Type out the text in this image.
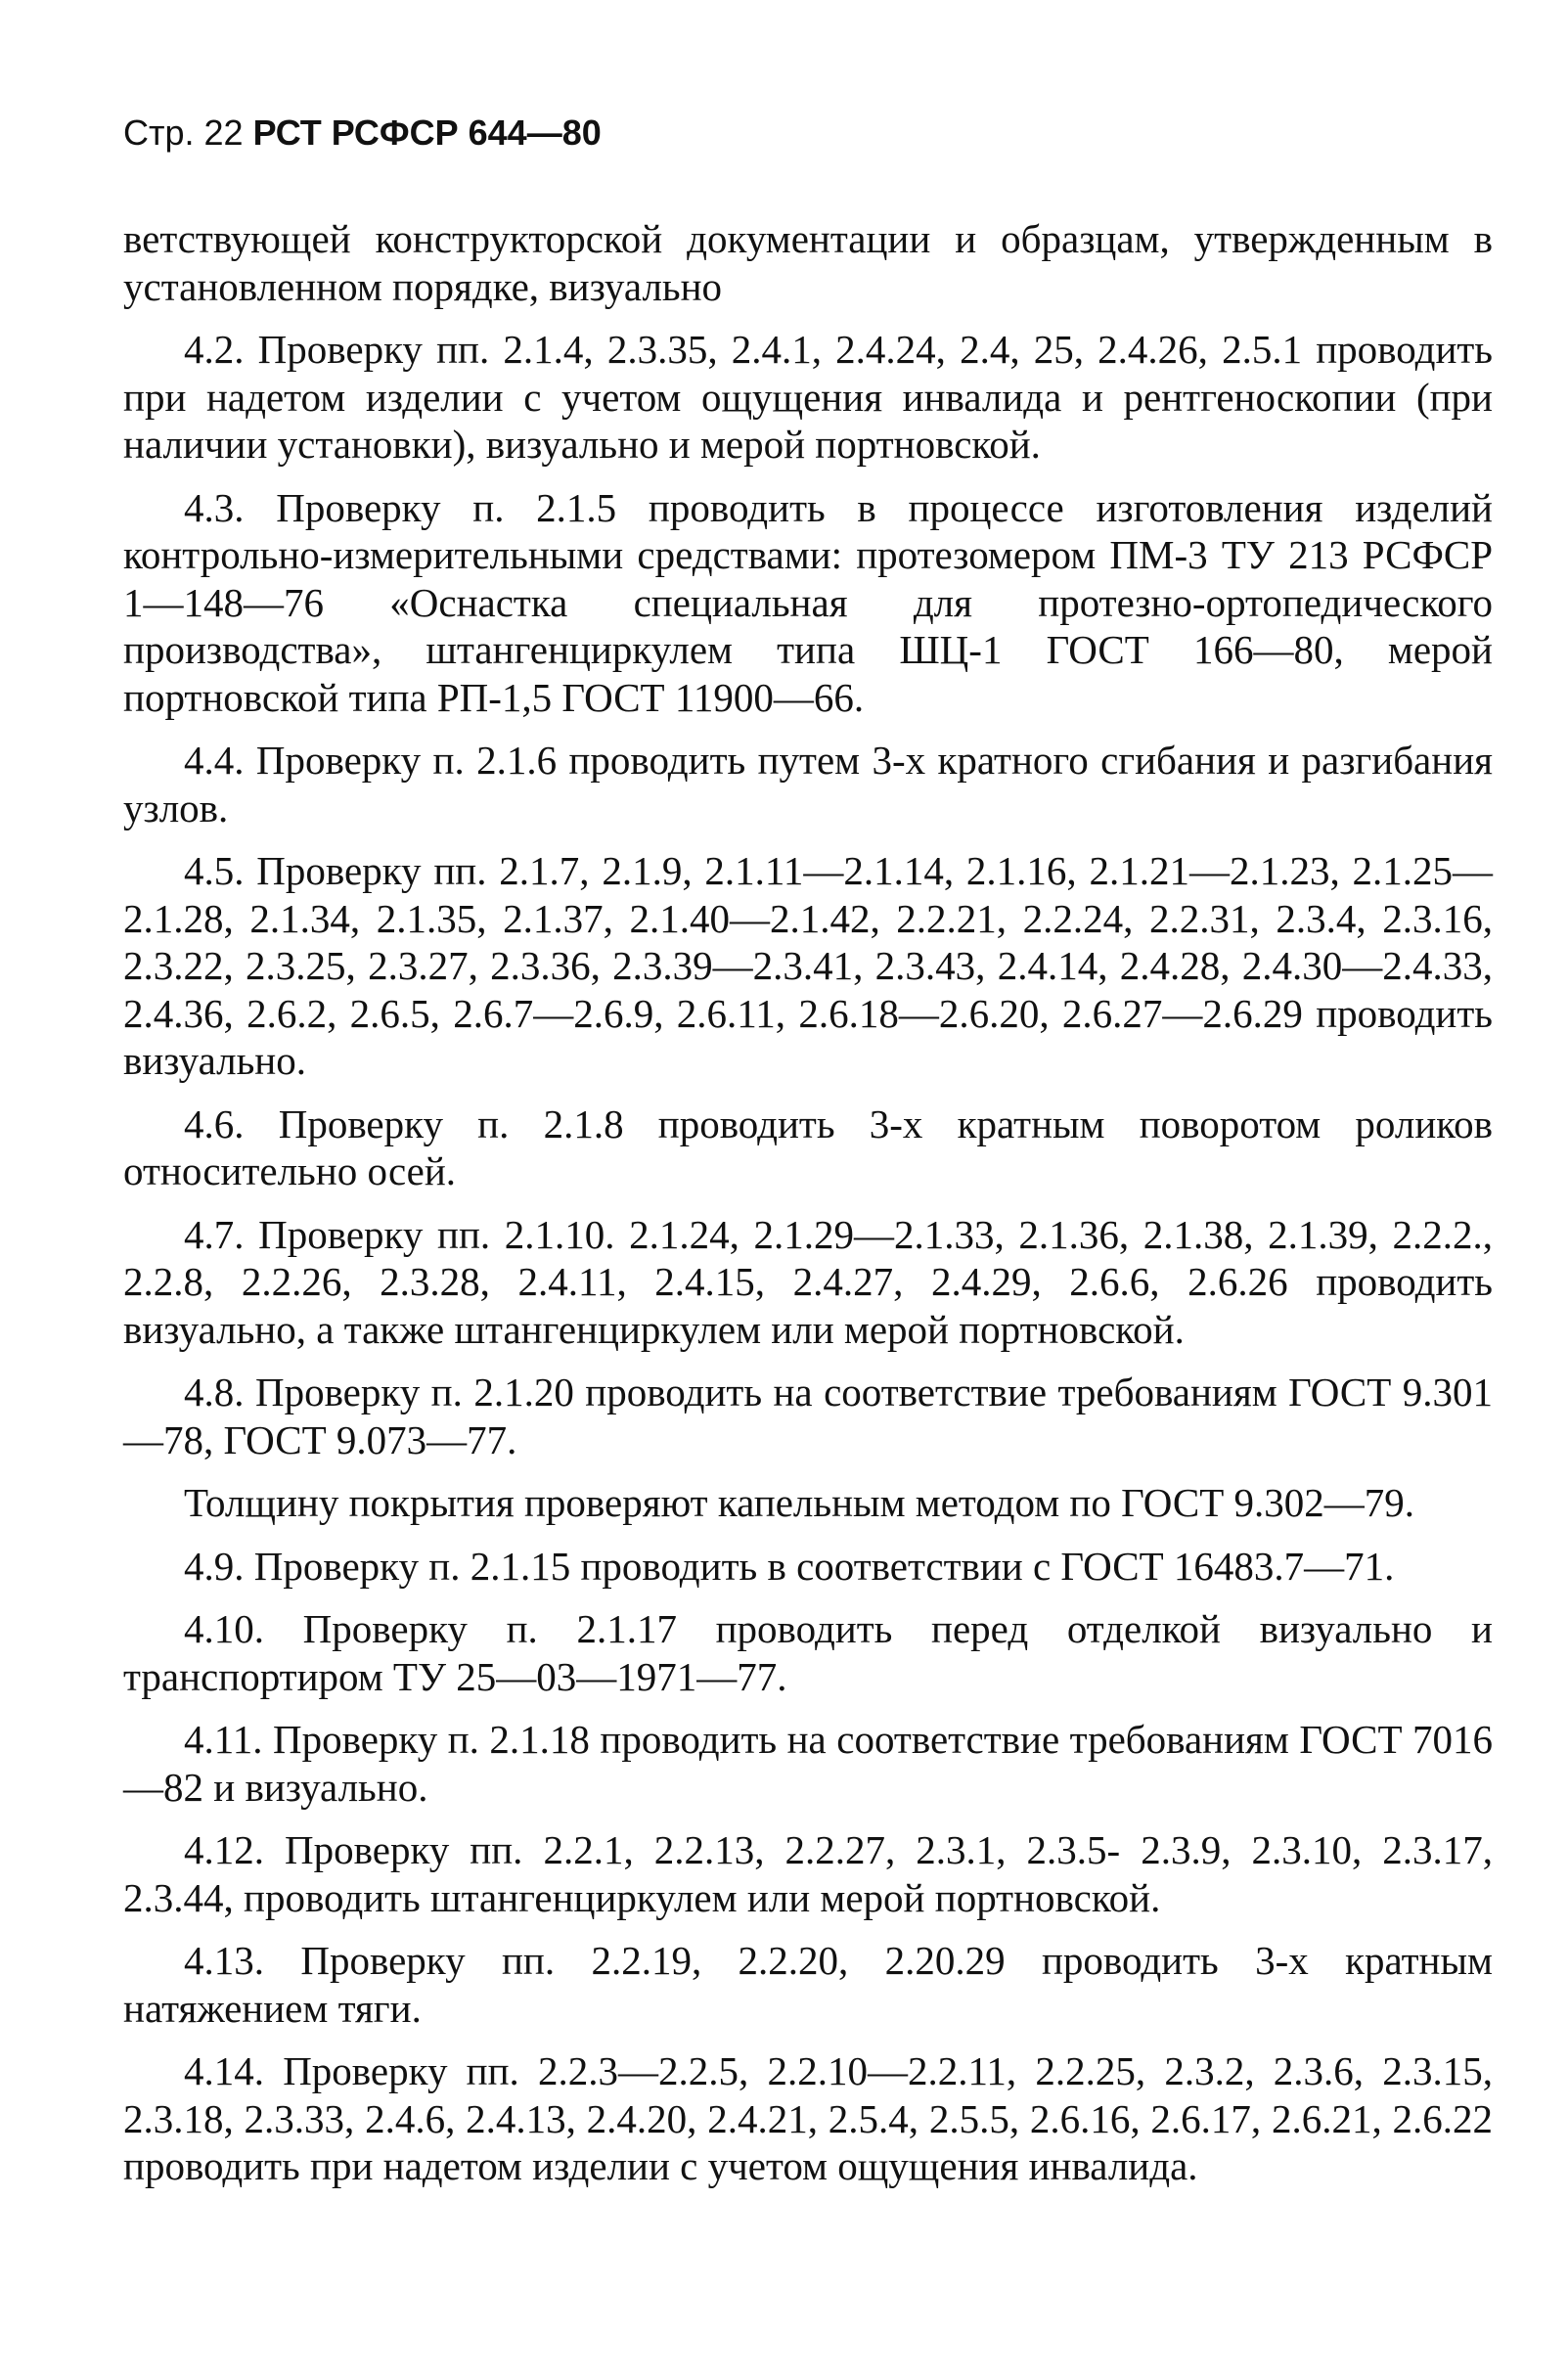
Стр. 22 РСТ РСФСР 644—80

ветствующей конструкторской документации и образцам, утвержденным в установленном порядке, визуально

4.2. Проверку пп. 2.1.4, 2.3.35, 2.4.1, 2.4.24, 2.4, 25, 2.4.26, 2.5.1 проводить при надетом изделии с учетом ощущения инвалида и рентгеноскопии (при наличии установки), визуально и мерой портновской.

4.3. Проверку п. 2.1.5 проводить в процессе изготовления изделий контрольно-измерительными средствами: протезомером ПМ-3 ТУ 213 РСФСР 1—148—76 «Оснастка специальная для протезно-ортопедического производства», штангенциркулем типа ШЦ-1 ГОСТ 166—80, мерой портновской типа РП-1,5 ГОСТ 11900—66.

4.4. Проверку п. 2.1.6 проводить путем 3-х кратного сгибания и разгибания узлов.

4.5. Проверку пп. 2.1.7, 2.1.9, 2.1.11—2.1.14, 2.1.16, 2.1.21—2.1.23, 2.1.25—2.1.28, 2.1.34, 2.1.35, 2.1.37, 2.1.40—2.1.42, 2.2.21, 2.2.24, 2.2.31, 2.3.4, 2.3.16, 2.3.22, 2.3.25, 2.3.27, 2.3.36, 2.3.39—2.3.41, 2.3.43, 2.4.14, 2.4.28, 2.4.30—2.4.33, 2.4.36, 2.6.2, 2.6.5, 2.6.7—2.6.9, 2.6.11, 2.6.18—2.6.20, 2.6.27—2.6.29 проводить визуально.

4.6. Проверку п. 2.1.8 проводить 3-х кратным поворотом роликов относительно осей.

4.7. Проверку пп. 2.1.10. 2.1.24, 2.1.29—2.1.33, 2.1.36, 2.1.38, 2.1.39, 2.2.2., 2.2.8, 2.2.26, 2.3.28, 2.4.11, 2.4.15, 2.4.27, 2.4.29, 2.6.6, 2.6.26 проводить визуально, а также штангенциркулем или мерой портновской.

4.8. Проверку п. 2.1.20 проводить на соответствие требованиям ГОСТ 9.301—78, ГОСТ 9.073—77.

Толщину покрытия проверяют капельным методом по ГОСТ 9.302—79.

4.9. Проверку п. 2.1.15 проводить в соответствии с ГОСТ 16483.7—71.

4.10. Проверку п. 2.1.17 проводить перед отделкой визуально и транспортиром ТУ 25—03—1971—77.

4.11. Проверку п. 2.1.18 проводить на соответствие требованиям ГОСТ 7016—82 и визуально.

4.12. Проверку пп. 2.2.1, 2.2.13, 2.2.27, 2.3.1, 2.3.5- 2.3.9, 2.3.10, 2.3.17, 2.3.44, проводить штангенциркулем или мерой портновской.

4.13. Проверку пп. 2.2.19, 2.2.20, 2.20.29 проводить 3-х кратным натяжением тяги.

4.14. Проверку пп. 2.2.3—2.2.5, 2.2.10—2.2.11, 2.2.25, 2.3.2, 2.3.6, 2.3.15, 2.3.18, 2.3.33, 2.4.6, 2.4.13, 2.4.20, 2.4.21, 2.5.4, 2.5.5, 2.6.16, 2.6.17, 2.6.21, 2.6.22 проводить при надетом изделии с учетом ощущения инвалида.
